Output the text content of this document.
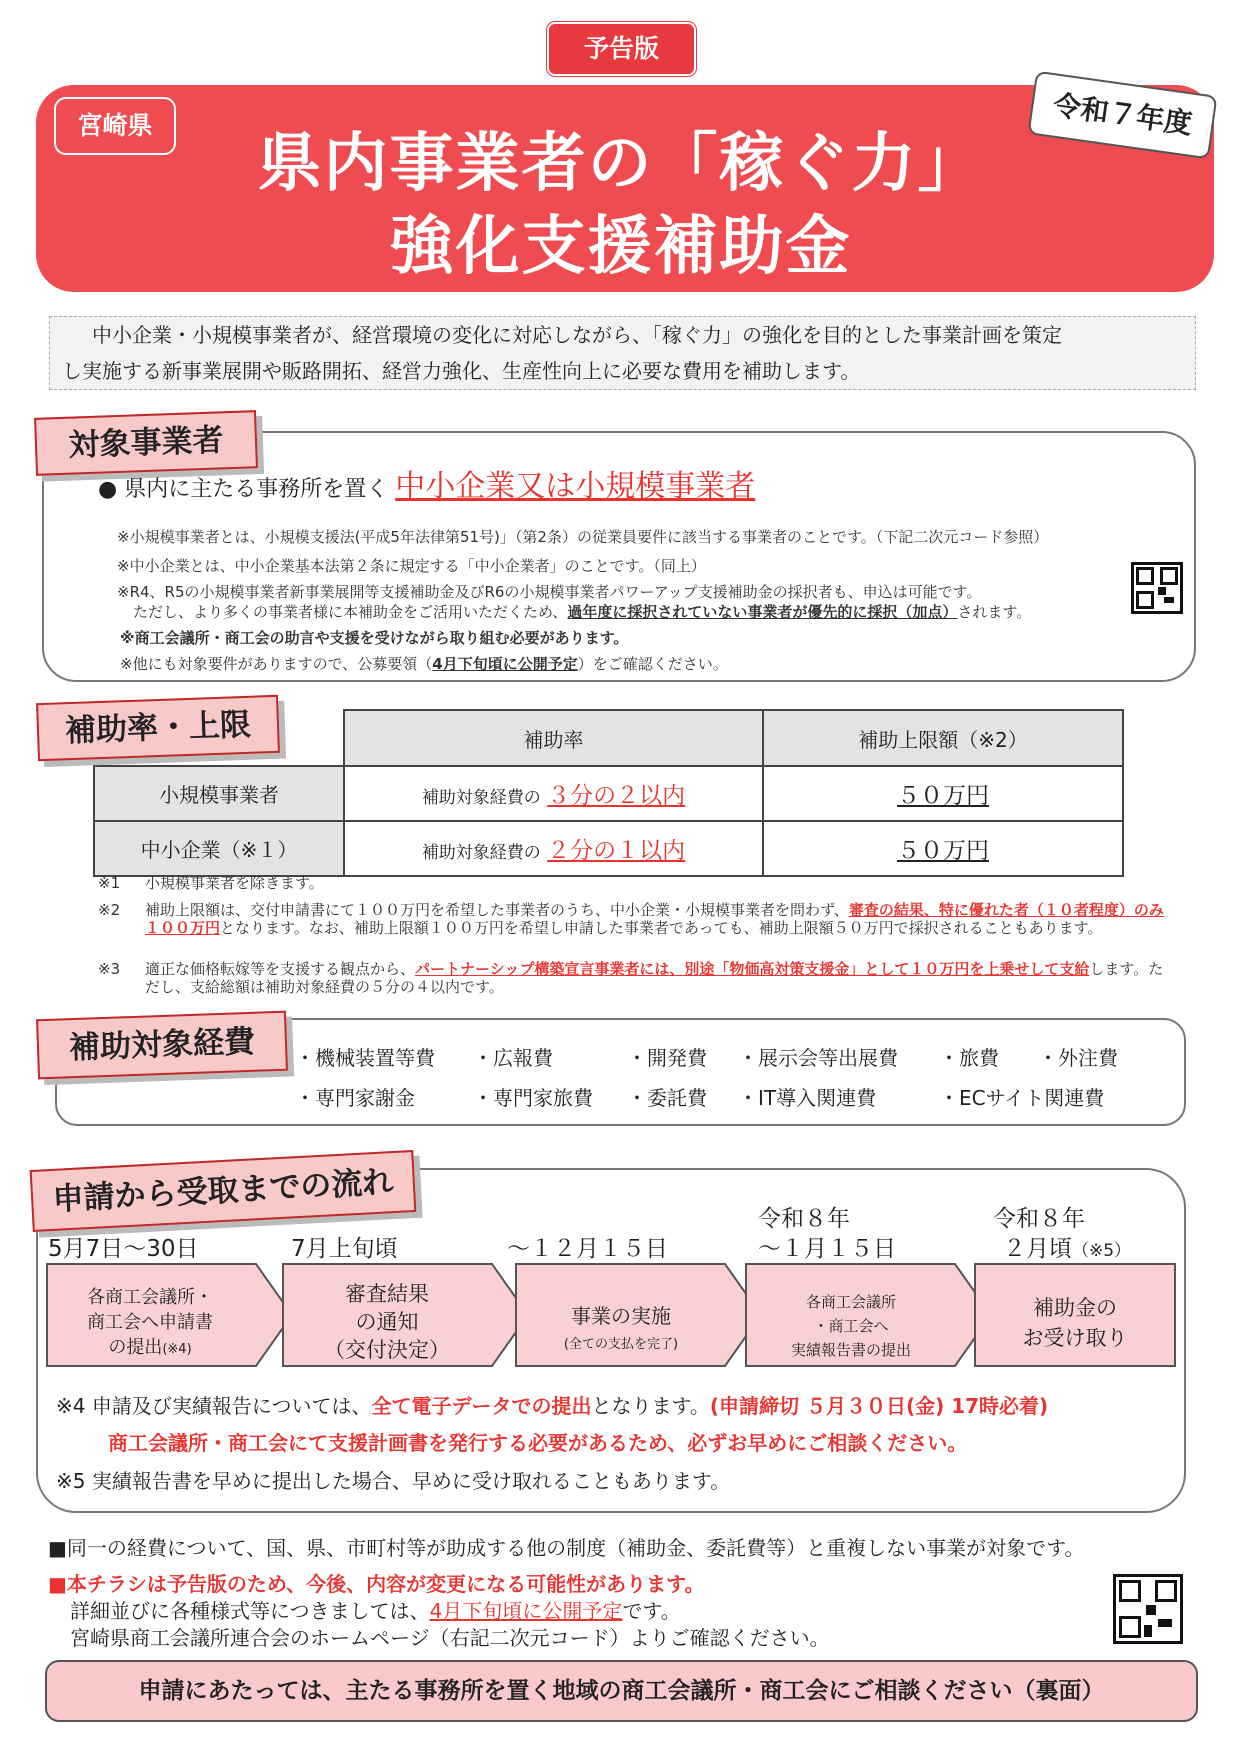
予告版
宮崎県
県内事業者の「稼ぐ力」
強化支援補助金
令和７年度

中小企業・小規模事業者が、経営環境の変化に対応しながら、「稼ぐ力」の強化を目的とした事業計画を策定

し実施する新事業展開や販路開拓、経営力強化、生産性向上に必要な費用を補助します。

対象事業者
● 県内に主たる事務所を置く 中小企業又は小規模事業者
※小規模事業者とは、小規模支援法(平成5年法律第51号)」（第2条）の従業員要件に該当する事業者のことです。（下記二次元コード参照）
※中小企業とは、中小企業基本法第２条に規定する「中小企業者」のことです。（同上）
※R4、R5の小規模事業者新事業展開等支援補助金及びR6の小規模事業者パワーアップ支援補助金の採択者も、申込は可能です。
ただし、より多くの事業者様に本補助金をご活用いただくため、過年度に採択されていない事業者が優先的に採択（加点）されます。
※商工会議所・商工会の助言や支援を受けながら取り組む必要があります。
※他にも対象要件がありますので、公募要領（4月下旬頃に公開予定）をご確認ください。
	補助率	補助上限額（※2）
小規模事業者	補助対象経費の ３分の２以内	５０万円
中小企業（※１）	補助対象経費の ２分の１以内	５０万円
補助率・上限
※1 小規模事業者を除きます。
※2 補助上限額は、交付申請書にて１００万円を希望した事業者のうち、中小企業・小規模事業者を問わず、審査の結果、特に優れた者（１０者程度）のみ１００万円となります。なお、補助上限額１００万円を希望し申請した事業者であっても、補助上限額５０万円で採択されることもあります。
※3 適正な価格転嫁等を支援する観点から、パートナーシップ構築宣言事業者には、別途「物価高対策支援金」として１０万円を上乗せして支給します。ただし、支給総額は補助対象経費の５分の４以内です。
補助対象経費	・機械装置等費 ・広報費	・開発費 ・展示会等出展費 ・旅費 ・外注費
・専門家謝金	・専門家旅費 ・委託費 ・IT導入関連費	・ECサイト関連費
申請から受取までの流れ
5月7日～30日	7月上旬頃	～１２月１５日
令和８年
～１月１５日
令和８年
２月頃（※5）
各商工会議所・
商工会へ申請書
の提出(※4)
審査結果
の通知
（交付決定）
事業の実施
(全ての支払を完了)
各商工会議所
・商工会へ
実績報告書の提出
補助金の
お受け取り
※4 申請及び実績報告については、全て電子データでの提出となります。(申請締切 ５月３０日(金) 17時必着)
商工会議所・商工会にて支援計画書を発行する必要があるため、必ずお早めにご相談ください。
※5 実績報告書を早めに提出した場合、早めに受け取れることもあります。
■同一の経費について、国、県、市町村等が助成する他の制度（補助金、委託費等）と重複しない事業が対象です。
■本チラシは予告版のため、今後、内容が変更になる可能性があります。
詳細並びに各種様式等につきましては、4月下旬頃に公開予定です。
宮崎県商工会議所連合会のホームページ（右記二次元コード）よりご確認ください。
申請にあたっては、主たる事務所を置く地域の商工会議所・商工会にご相談ください（裏面）
